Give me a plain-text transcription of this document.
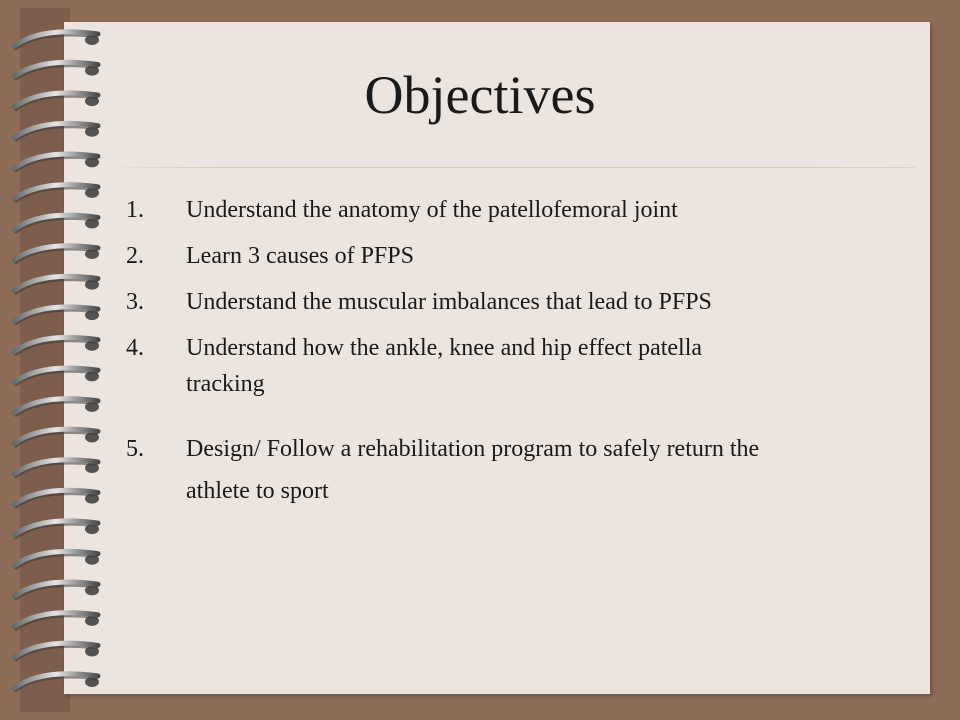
Objectives
1.	Understand the anatomy of the patellofemoral joint
2.	Learn 3 causes of PFPS
3.	Understand the muscular imbalances that lead to PFPS
4.	Understand how the ankle, knee and hip effect patella tracking
5.	Design/ Follow a rehabilitation program to safely return the athlete to sport
